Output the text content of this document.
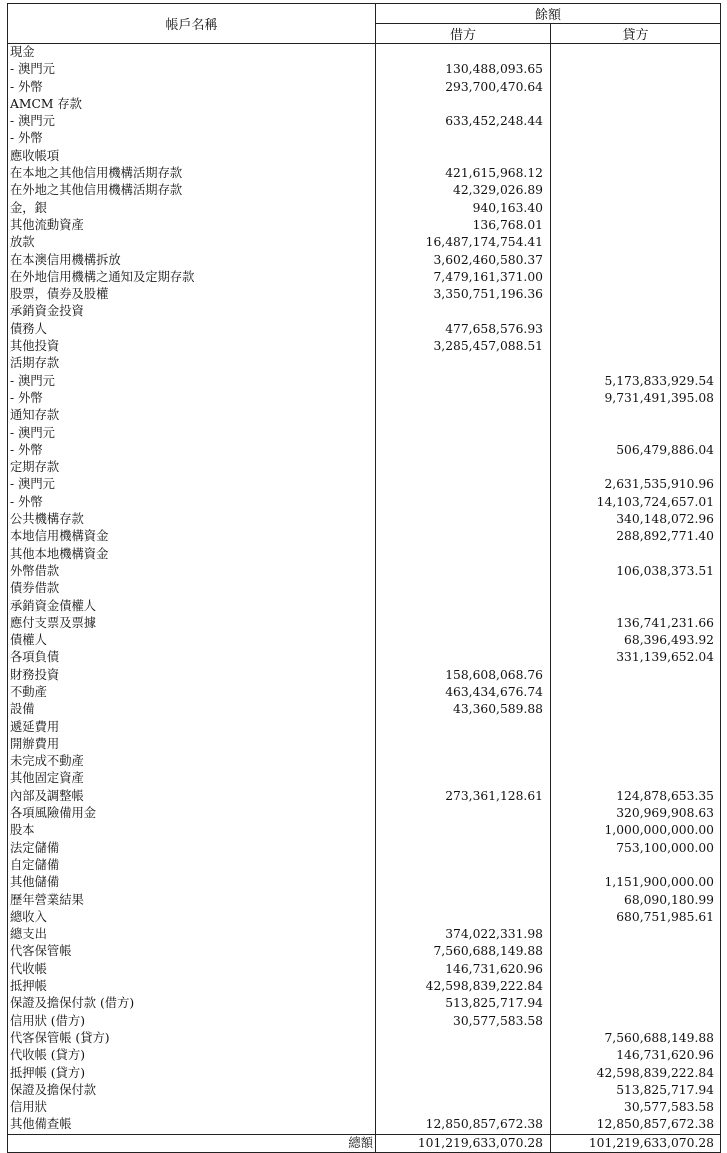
帳戶名稱	餘額	
	借方	貸方
現金		
- 澳門元	130,488,093.65	
- 外幣	293,700,470.64	
AMCM 存款		
- 澳門元	633,452,248.44	
- 外幣		
應收帳項		
在本地之其他信用機構活期存款	421,615,968.12	
在外地之其他信用機構活期存款	42,329,026.89	
金，銀	940,163.40	
其他流動資產	136,768.01	
放款	16,487,174,754.41	
在本澳信用機構拆放	3,602,460,580.37	
在外地信用機構之通知及定期存款	7,479,161,371.00	
股票，債券及股權	3,350,751,196.36	
承銷資金投資		
債務人	477,658,576.93	
其他投資	3,285,457,088.51	
活期存款		
- 澳門元		5,173,833,929.54
- 外幣		9,731,491,395.08
通知存款		
- 澳門元		
- 外幣		506,479,886.04
定期存款		
- 澳門元		2,631,535,910.96
- 外幣		14,103,724,657.01
公共機構存款		340,148,072.96
本地信用機構資金		288,892,771.40
其他本地機構資金		
外幣借款		106,038,373.51
債券借款		
承銷資金債權人		
應付支票及票據		136,741,231.66
債權人		68,396,493.92
各項負債		331,139,652.04
財務投資	158,608,068.76	
不動產	463,434,676.74	
設備	43,360,589.88	
遞延費用		
開辦費用		
未完成不動產		
其他固定資產		
內部及調整帳	273,361,128.61	124,878,653.35
各項風險備用金		320,969,908.63
股本		1,000,000,000.00
法定儲備		753,100,000.00
自定儲備		
其他儲備		1,151,900,000.00
歷年營業結果		68,090,180.99
總收入		680,751,985.61
總支出	374,022,331.98	
代客保管帳	7,560,688,149.88	
代收帳	146,731,620.96	
抵押帳	42,598,839,222.84	
保證及擔保付款 (借方)	513,825,717.94	
信用狀 (借方)	30,577,583.58	
代客保管帳 (貸方)		7,560,688,149.88
代收帳 (貸方)		146,731,620.96
抵押帳 (貸方)		42,598,839,222.84
保證及擔保付款		513,825,717.94
信用狀		30,577,583.58
其他備查帳	12,850,857,672.38	12,850,857,672.38
總額	101,219,633,070.28	101,219,633,070.28
